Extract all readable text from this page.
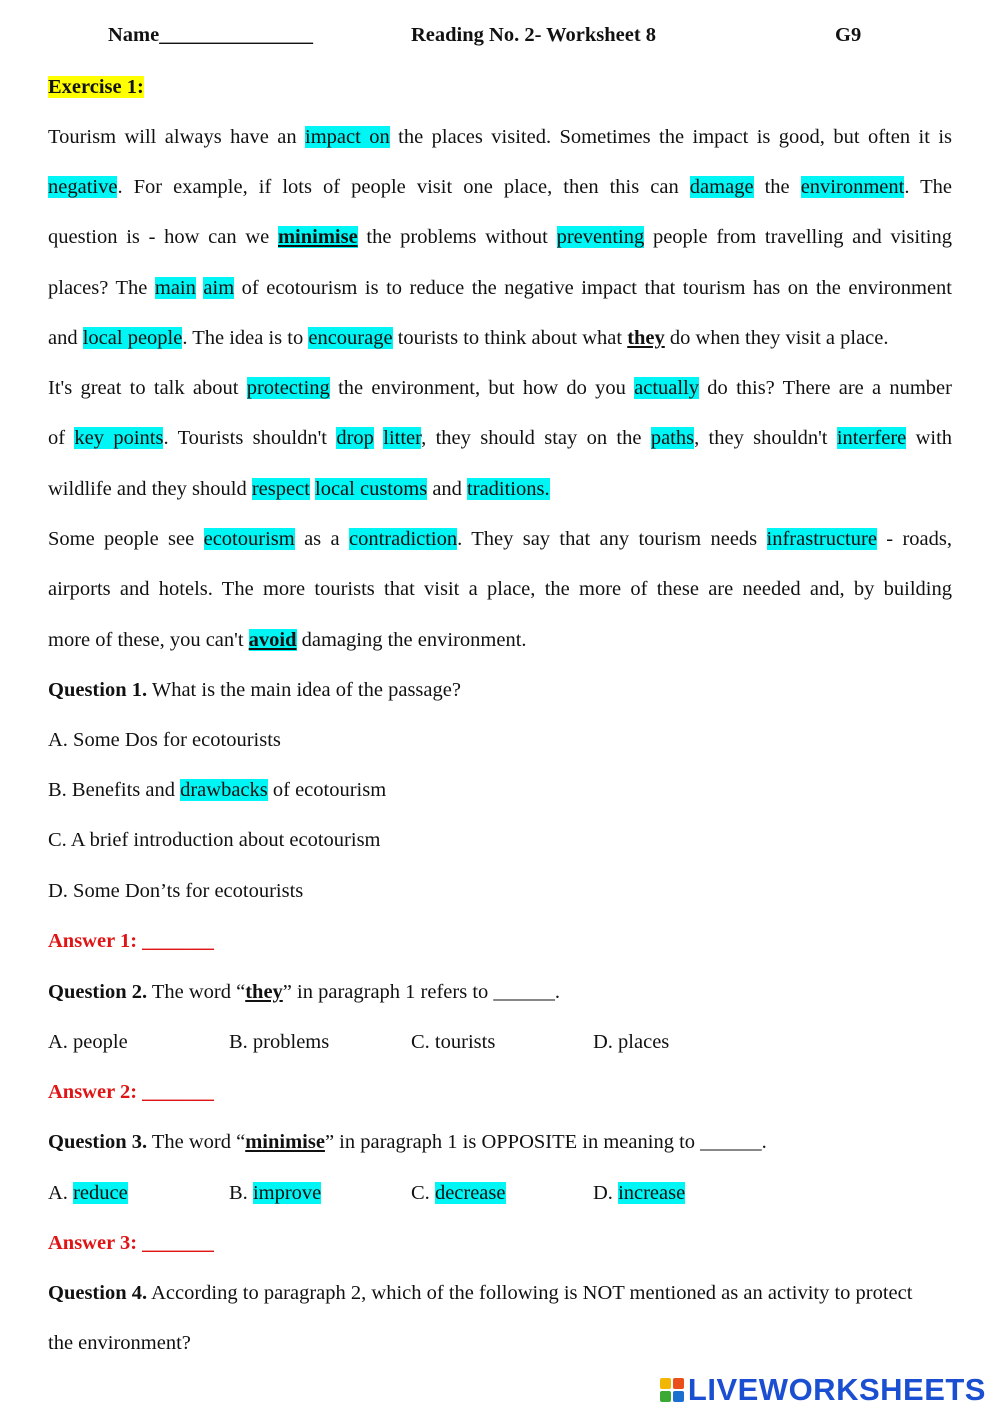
Name_______________	Reading No. 2- Worksheet 8	G9
Exercise 1:
Tourism will always have an impact on the places visited. Sometimes the impact is good, but often it is
negative. For example, if lots of people visit one place, then this can damage the environment. The
question is - how can we minimise the problems without preventing people from travelling and visiting
places? The main aim of ecotourism is to reduce the negative impact that tourism has on the environment
and local people. The idea is to encourage tourists to think about what they do when they visit a place.
It's great to talk about protecting the environment, but how do you actually do this? There are a number
of key points. Tourists shouldn't drop litter, they should stay on the paths, they shouldn't interfere with
wildlife and they should respect local customs and traditions.
Some people see ecotourism as a contradiction. They say that any tourism needs infrastructure - roads,
airports and hotels. The more tourists that visit a place, the more of these are needed and, by building
more of these, you can't avoid damaging the environment.
Question 1. What is the main idea of the passage?
A. Some Dos for ecotourists
B. Benefits and drawbacks of ecotourism
C. A brief introduction about ecotourism
D. Some Don’ts for ecotourists
Answer 1: _______
Question 2. The word “they” in paragraph 1 refers to ______.
A. people	B. problems	C. tourists	D. places
Answer 2: _______
Question 3. The word “minimise” in paragraph 1 is OPPOSITE in meaning to ______.
A. reduce	B. improve	C. decrease	D. increase
Answer 3: _______
Question 4. According to paragraph 2, which of the following is NOT mentioned as an activity to protect
the environment?
LIVEWORKSHEETS
